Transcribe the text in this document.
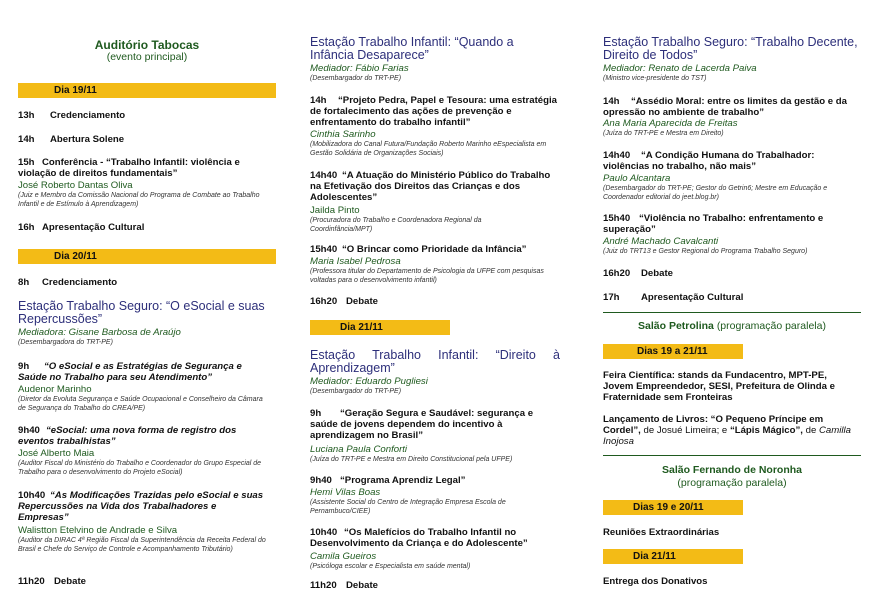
Auditório Tabocas
(evento principal)
Dia 19/11
13h Credenciamento
14h Abertura Solene
15h Conferência - “Trabalho Infantil: violência e violação de direitos fundamentais”
José Roberto Dantas Oliva
(Juiz e Membro da Comissão Nacional do Programa de Combate ao Trabalho Infantil e de Estímulo à Aprendizagem)
16h Apresentação Cultural
Dia 20/11
8h Credenciamento
Estação Trabalho Seguro: “O eSocial e suas Repercussões”
Mediadora: Gisane Barbosa de Araújo
(Desembargadora do TRT-PE)
9h “O eSocial e as Estratégias de Segurança e Saúde no Trabalho para seu Atendimento”
Audenor Marinho
(Diretor da Evoluta Segurança e Saúde Ocupacional e Conselheiro da Câmara de Segurança do Trabalho do CREA/PE)
9h40 “eSocial: uma nova forma de registro dos eventos trabalhistas”
José Alberto Maia
(Auditor Fiscal do Ministério do Trabalho e Coordenador do Grupo Especial de Trabalho para o desenvolvimento do Projeto eSocial)
10h40 “As Modificações Trazidas pelo eSocial e suas Repercussões na Vida dos Trabalhadores e Empresas”
Walistton Etelvino de Andrade e Silva
(Auditor da DIRAC 4ª Região Fiscal da Superintendência da Receita Federal do Brasil e Chefe do Serviço de Controle e Acompanhamento Tributário)
11h20 Debate
Estação Trabalho Infantil: “Quando a Infância Desaparece”
Mediador: Fábio Farias
(Desembargador do TRT-PE)
14h “Projeto Pedra, Papel e Tesoura: uma estratégia de fortalecimento das ações de prevenção e enfrentamento do trabalho infantil”
Cinthia Sarinho
(Mobilizadora do Canal Futura/Fundação Roberto Marinho eEspecialista em Gestão Solidária de Organizações Sociais)
14h40 “A Atuação do Ministério Público do Trabalho na Efetivação dos Direitos das Crianças e dos Adolescentes”
Jailda Pinto
(Procuradora do Trabalho e Coordenadora Regional da Coordinfância/MPT)
15h40 “O Brincar como Prioridade da Infância”
Maria Isabel Pedrosa
(Professora titular do Departamento de Psicologia da UFPE com pesquisas voltadas para o desenvolvimento infantil)
16h20 Debate
Dia 21/11
Estação Trabalho Infantil: “Direito à Aprendizagem”
Mediador: Eduardo Pugliesi
(Desembargador do TRT-PE)
9h “Geração Segura e Saudável: segurança e saúde de jovens dependem do incentivo à aprendizagem no Brasil”
Luciana Paula Conforti
(Juíza do TRT-PE e Mestra em Direito Constitucional pela UFPE)
9h40 “Programa Aprendiz Legal”
Hemi Vilas Boas
(Assistente Social do Centro de Integração Empresa Escola de Pernambuco/CIEE)
10h40 “Os Malefícios do Trabalho Infantil no Desenvolvimento da Criança e do Adolescente”
Camila Gueiros
(Psicóloga escolar e Especialista em saúde mental)
11h20 Debate
Estação Trabalho Seguro: “Trabalho Decente, Direito de Todos”
Mediador: Renato de Lacerda Paiva
(Ministro vice-presidente do TST)
14h “Assédio Moral: entre os limites da gestão e da opressão no ambiente de trabalho”
Ana Maria Aparecida de Freitas
(Juíza do TRT-PE e Mestra em Direito)
14h40 “A Condição Humana do Trabalhador: violências no trabalho, não mais”
Paulo Alcantara
(Desembargador do TRT-PE; Gestor do Getrin6; Mestre em Educação e Coordenador editorial do jeet.blog.br)
15h40 “Violência no Trabalho: enfrentamento e superação”
André Machado Cavalcanti
(Juiz do TRT13 e Gestor Regional do Programa Trabalho Seguro)
16h20 Debate
17h Apresentação Cultural
Salão Petrolina (programação paralela)
Dias 19 a 21/11
Feira Científica: stands da Fundacentro, MPT-PE, Jovem Empreendedor, SESI, Prefeitura de Olinda e Fraternidade sem Fronteiras
Lançamento de Livros: “O Pequeno Príncipe em Cordel”, de Josué Limeira; e “Lápis Mágico”, de Camilla Inojosa
Salão Fernando de Noronha
(programação paralela)
Dias 19 e 20/11
Reuniões Extraordinárias
Dia 21/11
Entrega dos Donativos
